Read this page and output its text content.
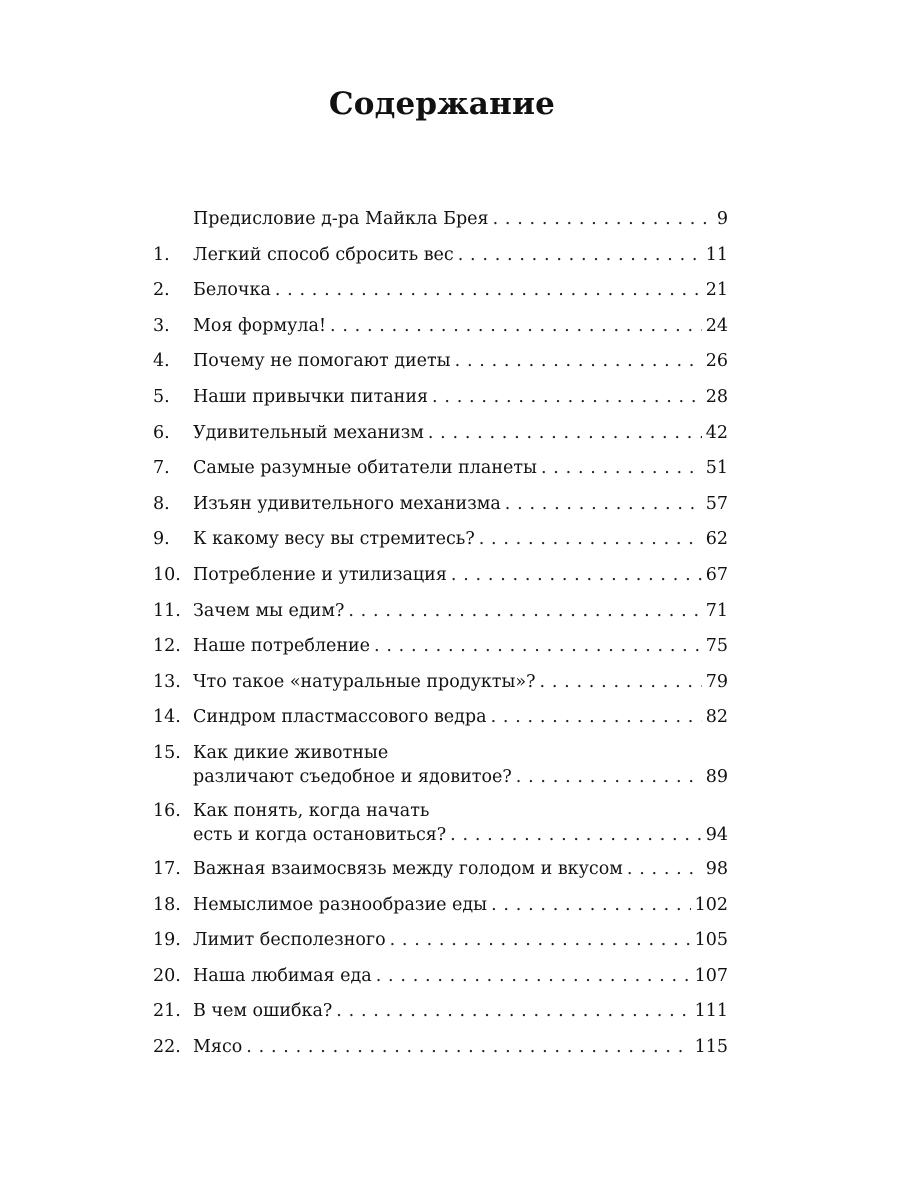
Содержание
Предисловие д-ра Майкла Брея . . .	9
1.	Легкий способ сбросить вес . . .	11
2.	Белочка . . .	21
3.	Моя формула! . . .	24
4.	Почему не помогают диеты . . .	26
5.	Наши привычки питания . . .	28
6.	Удивительный механизм . . .	42
7.	Самые разумные обитатели планеты . . .	51
8.	Изъян удивительного механизма . . .	57
9.	К какому весу вы стремитесь? . . .	62
10. Потребление и утилизация . . .	67
11. Зачем мы едим? . . .	71
12. Наше потребление . . .	75
13. Что такое «натуральные продукты»? . . .	79
14. Синдром пластмассового ведра . . .	82
15. Как дикие животные
различают съедобное и ядовитое? . . .	89
16. Как понять, когда начать
есть и когда остановиться? . . .	94
17. Важная взаимосвязь между голодом и вкусом . . .	98
18. Немыслимое разнообразие еды . . .	102
19. Лимит бесполезного . . .	105
20. Наша любимая еда . . .	107
21. В чем ошибка? . . .	111
22. Мясо . . .	115
